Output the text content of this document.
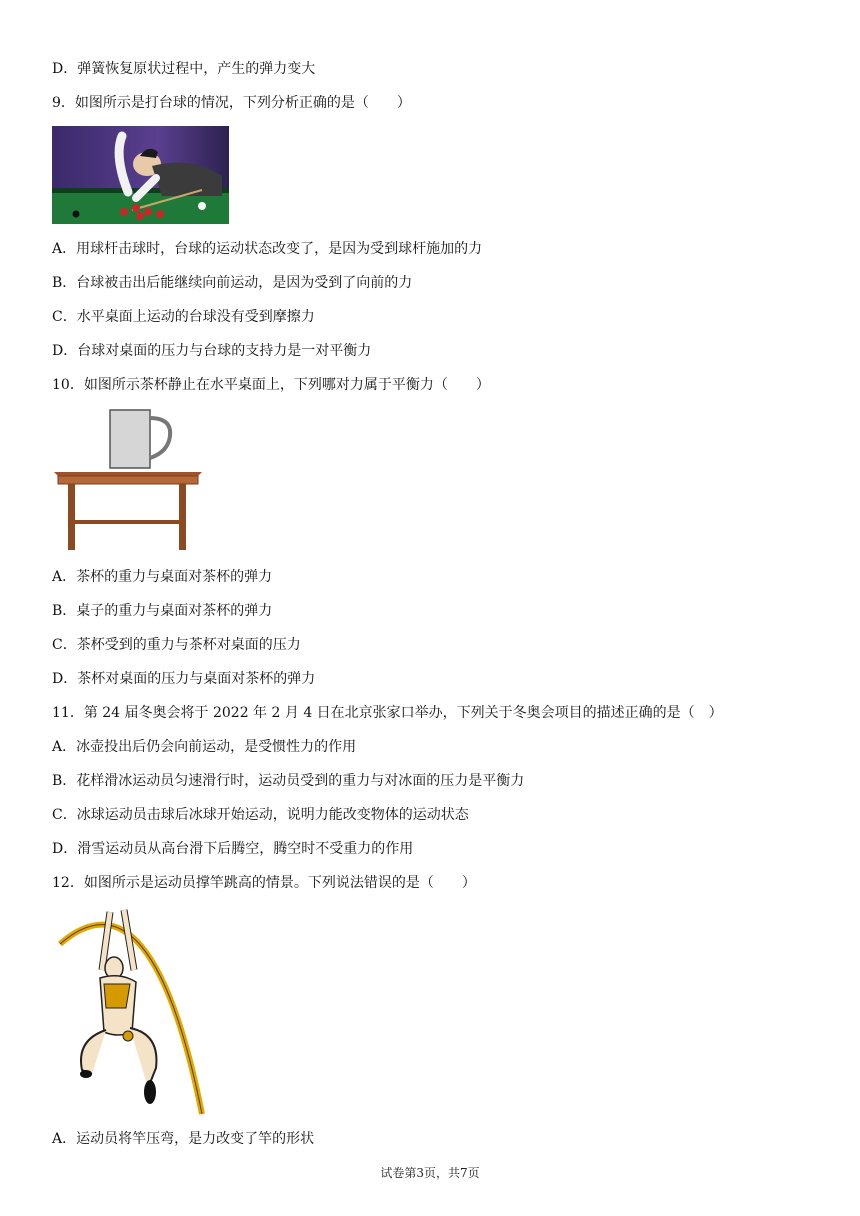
D．弹簧恢复原状过程中，产生的弹力变大
9．如图所示是打台球的情况，下列分析正确的是（　　）
A．用球杆击球时，台球的运动状态改变了，是因为受到球杆施加的力
B．台球被击出后能继续向前运动，是因为受到了向前的力
C．水平桌面上运动的台球没有受到摩擦力
D．台球对桌面的压力与台球的支持力是一对平衡力
10．如图所示茶杯静止在水平桌面上，下列哪对力属于平衡力（　　）
A．茶杯的重力与桌面对茶杯的弹力
B．桌子的重力与桌面对茶杯的弹力
C．茶杯受到的重力与茶杯对桌面的压力
D．茶杯对桌面的压力与桌面对茶杯的弹力
11．第 24 届冬奥会将于 2022 年 2 月 4 日在北京张家口举办，下列关于冬奥会项目的描述正确的是（　）
A．冰壶投出后仍会向前运动，是受惯性力的作用
B．花样滑冰运动员匀速滑行时，运动员受到的重力与对冰面的压力是平衡力
C．冰球运动员击球后冰球开始运动，说明力能改变物体的运动状态
D．滑雪运动员从高台滑下后腾空，腾空时不受重力的作用
12．如图所示是运动员撑竿跳高的情景。下列说法错误的是（　　）
A．运动员将竿压弯，是力改变了竿的形状
试卷第3页，共7页
